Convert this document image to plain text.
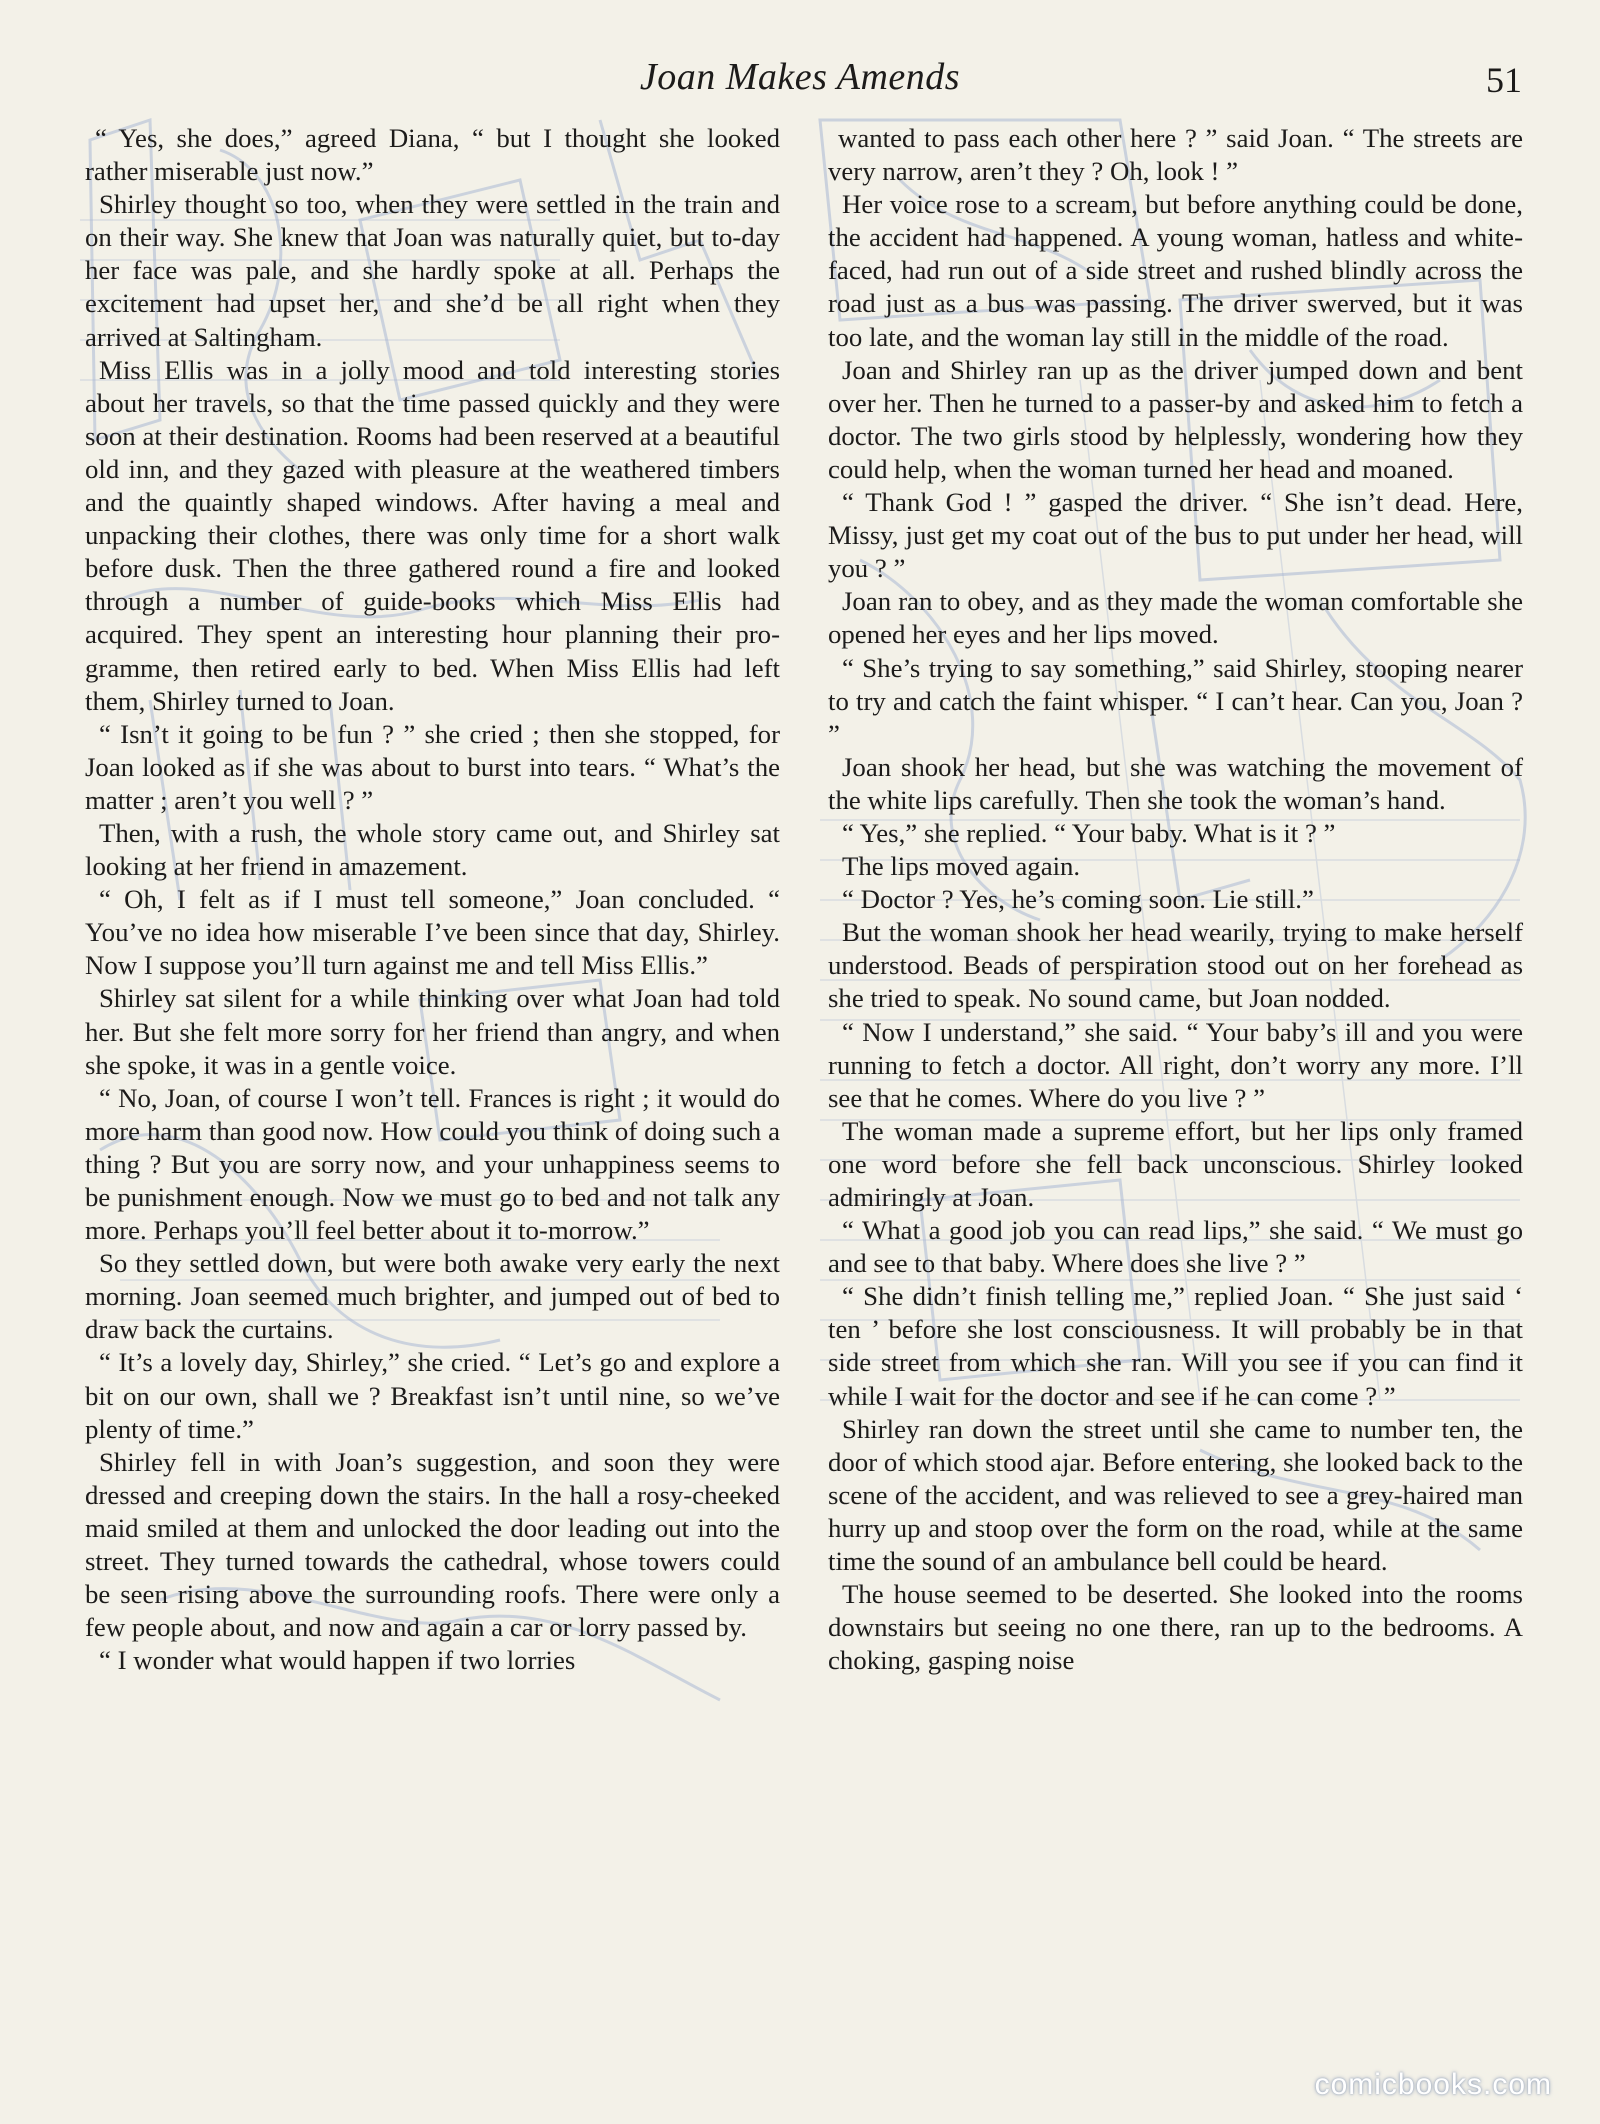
Joan Makes Amends	51

“ Yes, she does,” agreed Diana, “ but I thought she looked rather miserable just now.”

Shirley thought so too, when they were settled in the train and on their way. She knew that Joan was naturally quiet, but to-day her face was pale, and she hardly spoke at all. Perhaps the excitement had upset her, and she’d be all right when they arrived at Saltingham.

Miss Ellis was in a jolly mood and told interesting stories about her travels, so that the time passed quickly and they were soon at their destination. Rooms had been reserved at a beautiful old inn, and they gazed with pleasure at the weathered timbers and the quaintly shaped windows. After having a meal and unpacking their clothes, there was only time for a short walk before dusk. Then the three gathered round a fire and looked through a number of guide-books which Miss Ellis had acquired. They spent an interesting hour planning their programme, then retired early to bed. When Miss Ellis had left them, Shirley turned to Joan.

“ Isn’t it going to be fun ? ” she cried ; then she stopped, for Joan looked as if she was about to burst into tears. “ What’s the matter ; aren’t you well ? ”

Then, with a rush, the whole story came out, and Shirley sat looking at her friend in amazement.

“ Oh, I felt as if I must tell someone,” Joan concluded. “ You’ve no idea how miserable I’ve been since that day, Shirley. Now I suppose you’ll turn against me and tell Miss Ellis.”

Shirley sat silent for a while thinking over what Joan had told her. But she felt more sorry for her friend than angry, and when she spoke, it was in a gentle voice.

“ No, Joan, of course I won’t tell. Frances is right ; it would do more harm than good now. How could you think of doing such a thing ? But you are sorry now, and your unhappiness seems to be punishment enough. Now we must go to bed and not talk any more. Perhaps you’ll feel better about it to-morrow.”

So they settled down, but were both awake very early the next morning. Joan seemed much brighter, and jumped out of bed to draw back the curtains.

“ It’s a lovely day, Shirley,” she cried. “ Let’s go and explore a bit on our own, shall we ? Breakfast isn’t until nine, so we’ve plenty of time.”

Shirley fell in with Joan’s suggestion, and soon they were dressed and creeping down the stairs. In the hall a rosy-cheeked maid smiled at them and unlocked the door leading out into the street. They turned towards the cathedral, whose towers could be seen rising above the surrounding roofs. There were only a few people about, and now and again a car or lorry passed by.

“ I wonder what would happen if two lorries

wanted to pass each other here ? ” said Joan. “ The streets are very narrow, aren’t they ? Oh, look ! ”

Her voice rose to a scream, but before anything could be done, the accident had happened. A young woman, hatless and white-faced, had run out of a side street and rushed blindly across the road just as a bus was passing. The driver swerved, but it was too late, and the woman lay still in the middle of the road.

Joan and Shirley ran up as the driver jumped down and bent over her. Then he turned to a passer-by and asked him to fetch a doctor. The two girls stood by helplessly, wondering how they could help, when the woman turned her head and moaned.

“ Thank God ! ” gasped the driver. “ She isn’t dead. Here, Missy, just get my coat out of the bus to put under her head, will you ? ”

Joan ran to obey, and as they made the woman comfortable she opened her eyes and her lips moved.

“ She’s trying to say something,” said Shirley, stooping nearer to try and catch the faint whisper. “ I can’t hear. Can you, Joan ? ”

Joan shook her head, but she was watching the movement of the white lips carefully. Then she took the woman’s hand.

“ Yes,” she replied. “ Your baby. What is it ? ”

The lips moved again.

“ Doctor ? Yes, he’s coming soon. Lie still.”

But the woman shook her head wearily, trying to make herself understood. Beads of perspiration stood out on her forehead as she tried to speak. No sound came, but Joan nodded.

“ Now I understand,” she said. “ Your baby’s ill and you were running to fetch a doctor. All right, don’t worry any more. I’ll see that he comes. Where do you live ? ”

The woman made a supreme effort, but her lips only framed one word before she fell back unconscious. Shirley looked admiringly at Joan.

“ What a good job you can read lips,” she said. “ We must go and see to that baby. Where does she live ? ”

“ She didn’t finish telling me,” replied Joan. “ She just said ‘ ten ’ before she lost consciousness. It will probably be in that side street from which she ran. Will you see if you can find it while I wait for the doctor and see if he can come ? ”

Shirley ran down the street until she came to number ten, the door of which stood ajar. Before entering, she looked back to the scene of the accident, and was relieved to see a grey-haired man hurry up and stoop over the form on the road, while at the same time the sound of an ambulance bell could be heard.

The house seemed to be deserted. She looked into the rooms downstairs but seeing no one there, ran up to the bedrooms. A choking, gasping noise

comicbooks.com
